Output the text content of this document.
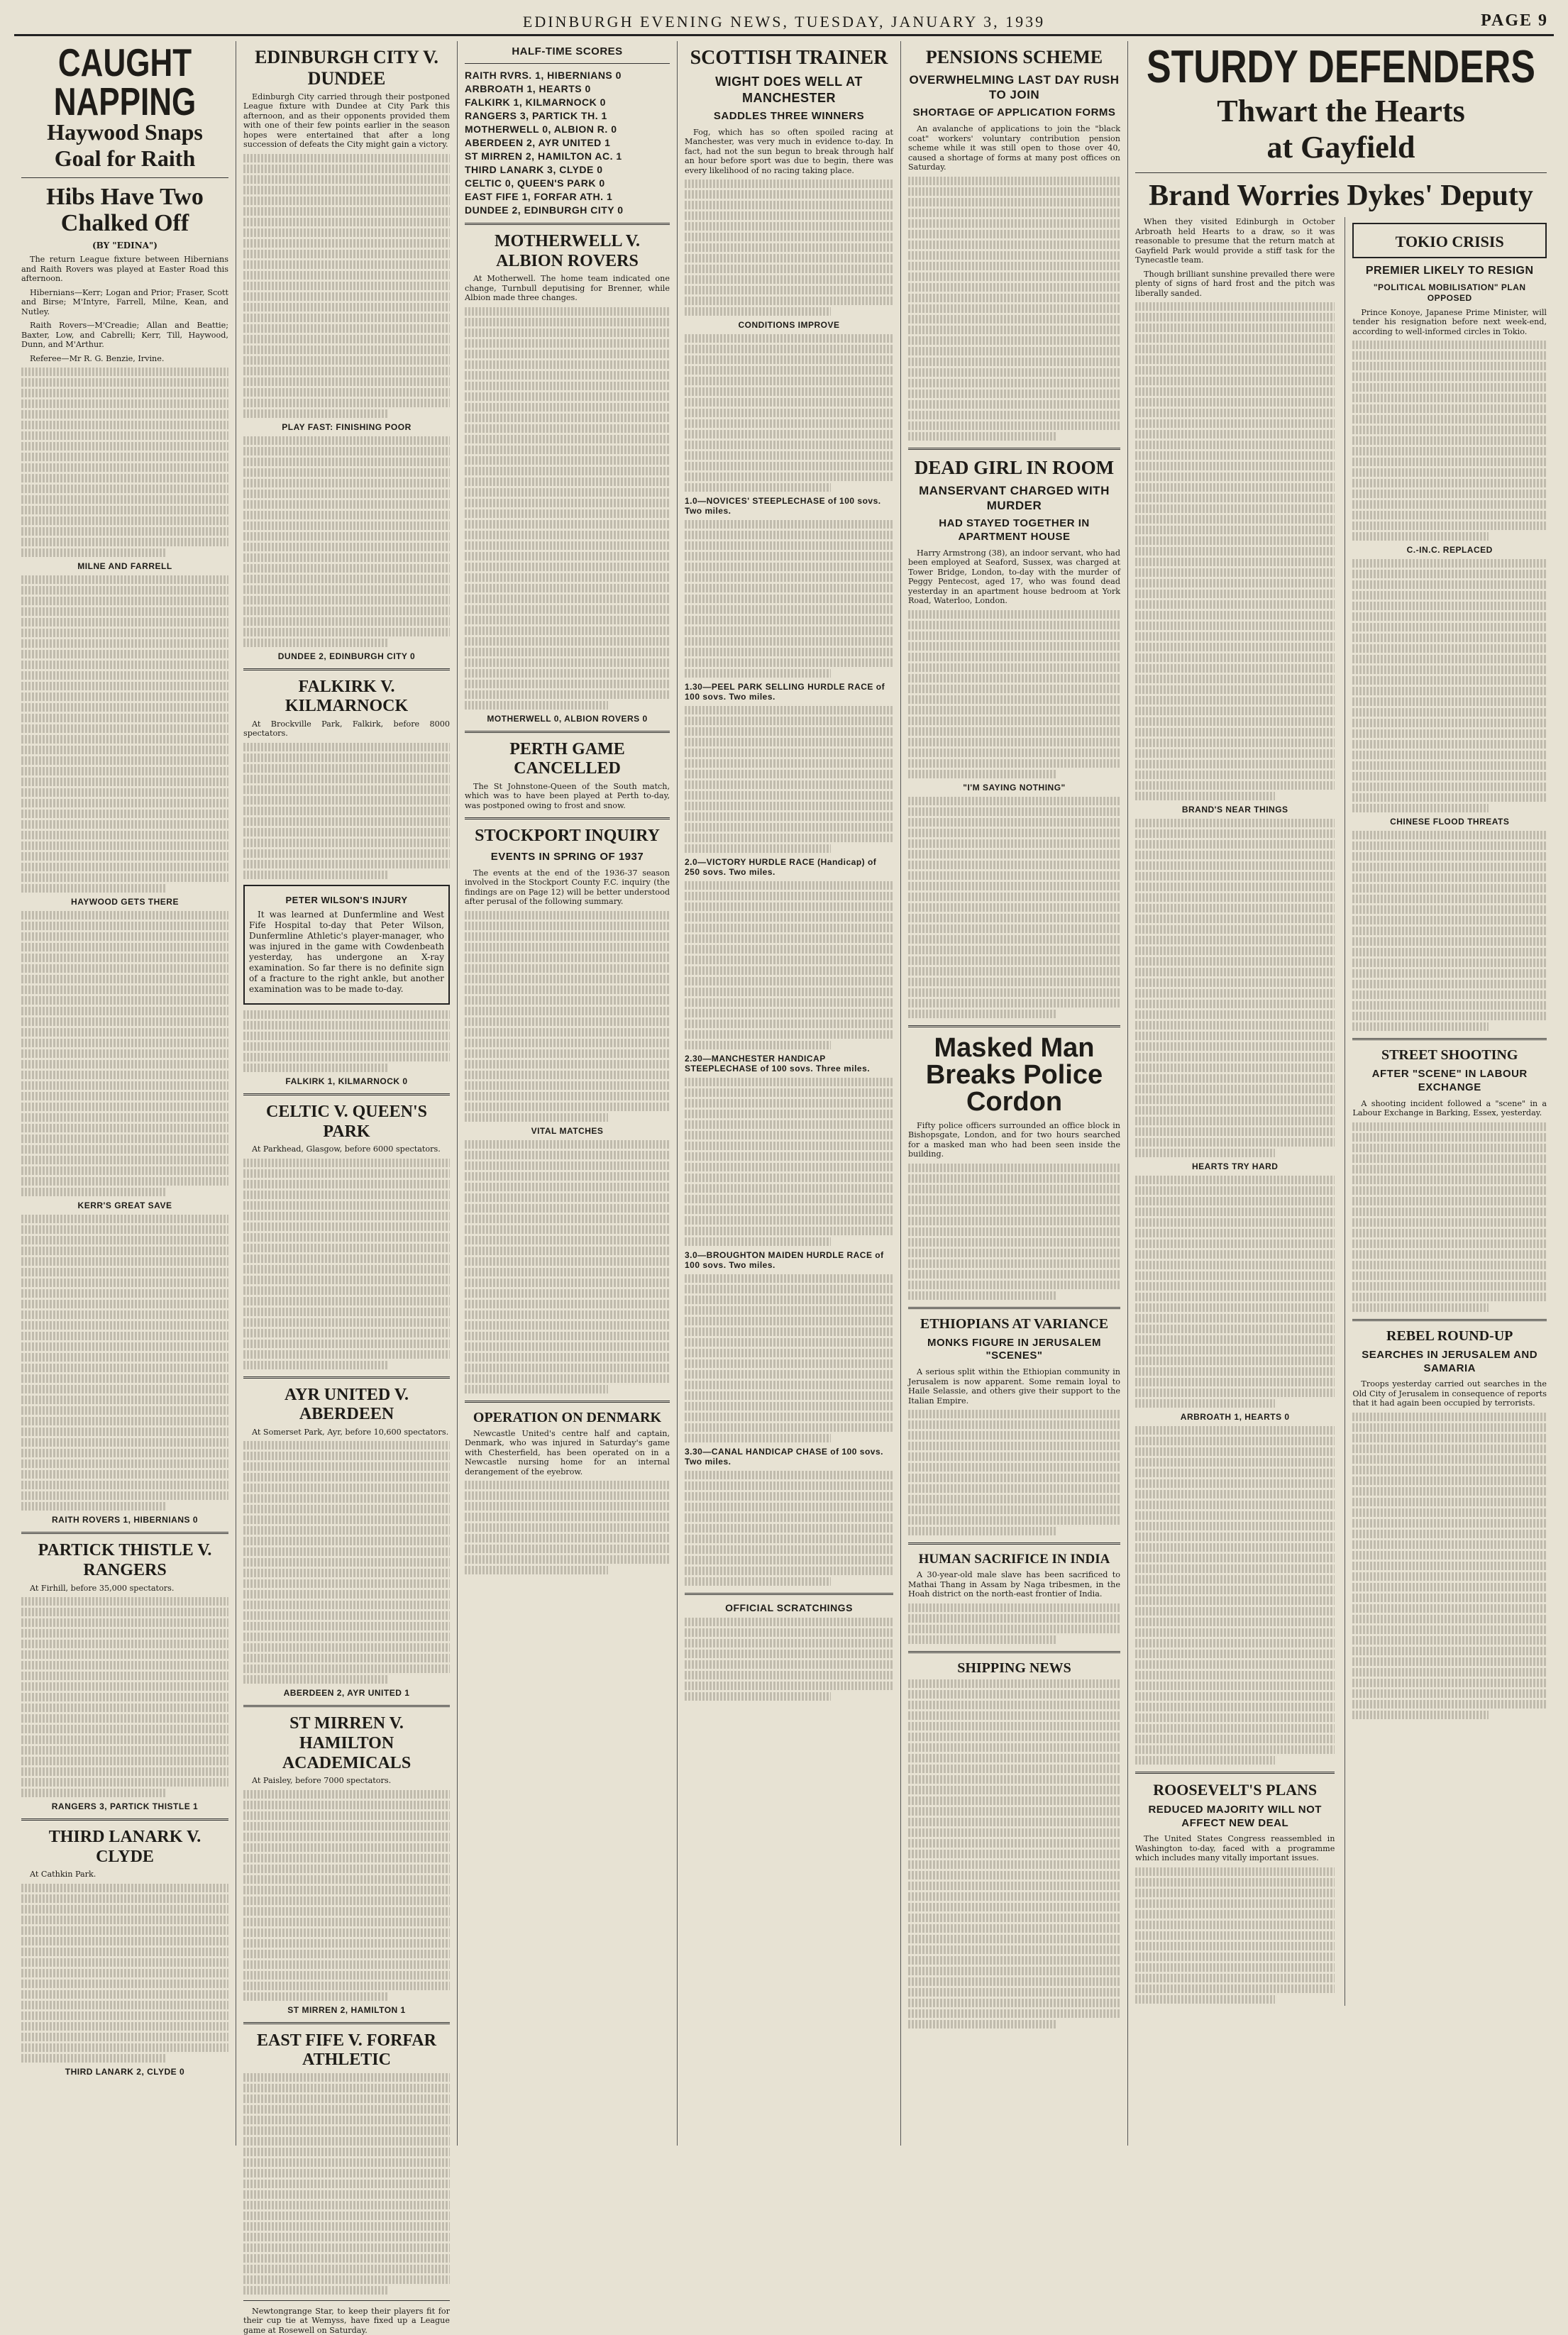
EDINBURGH EVENING NEWS, TUESDAY, JANUARY 3, 1939	PAGE 9
CAUGHT NAPPING
Haywood Snaps Goal for Raith
Hibs Have Two Chalked Off
(BY "EDINA")

The return League fixture between Hibernians and Raith Rovers was played at Easter Road this afternoon.

Hibernians—Kerr; Logan and Prior; Fraser, Scott and Birse; M'Intyre, Farrell, Milne, Kean, and Nutley.

Raith Rovers—M'Creadie; Allan and Beattie; Baxter, Low, and Cabrelli; Kerr, Till, Haywood, Dunn, and M'Arthur.

Referee—Mr R. G. Benzie, Irvine.

MILNE AND FARRELL
HAYWOOD GETS THERE
KERR'S GREAT SAVE
RAITH ROVERS 1, HIBERNIANS 0
PARTICK THISTLE V. RANGERS

At Firhill, before 35,000 spectators.

RANGERS 3, PARTICK THISTLE 1
THIRD LANARK V. CLYDE

At Cathkin Park.

THIRD LANARK 2, CLYDE 0
EDINBURGH CITY V. DUNDEE

Edinburgh City carried through their postponed League fixture with Dundee at City Park this afternoon, and as their opponents provided them with one of their few points earlier in the season hopes were entertained that after a long succession of defeats the City might gain a victory.

PLAY FAST: FINISHING POOR
DUNDEE 2, EDINBURGH CITY 0
FALKIRK V. KILMARNOCK

At Brockville Park, Falkirk, before 8000 spectators.

PETER WILSON'S INJURY

It was learned at Dunfermline and West Fife Hospital to-day that Peter Wilson, Dunfermline Athletic's player-manager, who was injured in the game with Cowdenbeath yesterday, has undergone an X-ray examination. So far there is no definite sign of a fracture to the right ankle, but another examination was to be made to-day.

FALKIRK 1, KILMARNOCK 0
CELTIC V. QUEEN'S PARK

At Parkhead, Glasgow, before 6000 spectators.

AYR UNITED V. ABERDEEN

At Somerset Park, Ayr, before 10,600 spectators.

ABERDEEN 2, AYR UNITED 1
ST MIRREN V. HAMILTON ACADEMICALS

At Paisley, before 7000 spectators.

ST MIRREN 2, HAMILTON 1
EAST FIFE V. FORFAR ATHLETIC

Newtongrange Star, to keep their players fit for their cup tie at Wemyss, have fixed up a League game at Rosewell on Saturday.

HALF-TIME SCORES
RAITH RVRS. 1, HIBERNIANS 0
ARBROATH 1, HEARTS 0
FALKIRK 1, KILMARNOCK 0
RANGERS 3, PARTICK TH. 1
MOTHERWELL 0, ALBION R. 0
ABERDEEN 2, AYR UNITED 1
ST MIRREN 2, HAMILTON AC. 1
THIRD LANARK 3, CLYDE 0
CELTIC 0, QUEEN'S PARK 0
EAST FIFE 1, FORFAR ATH. 1
DUNDEE 2, EDINBURGH CITY 0
MOTHERWELL V. ALBION ROVERS

At Motherwell. The home team indicated one change, Turnbull deputising for Brenner, while Albion made three changes.

MOTHERWELL 0, ALBION ROVERS 0
PERTH GAME CANCELLED

The St Johnstone-Queen of the South match, which was to have been played at Perth to-day, was postponed owing to frost and snow.

STOCKPORT INQUIRY
EVENTS IN SPRING OF 1937

The events at the end of the 1936-37 season involved in the Stockport County F.C. inquiry (the findings are on Page 12) will be better understood after perusal of the following summary.

VITAL MATCHES
OPERATION ON DENMARK

Newcastle United's centre half and captain, Denmark, who was injured in Saturday's game with Chesterfield, has been operated on in a Newcastle nursing home for an internal derangement of the eyebrow.

SCOTTISH TRAINER
WIGHT DOES WELL AT MANCHESTER
SADDLES THREE WINNERS

Fog, which has so often spoiled racing at Manchester, was very much in evidence to-day. In fact, had not the sun begun to break through half an hour before sport was due to begin, there was every likelihood of no racing taking place.

CONDITIONS IMPROVE
1.0—NOVICES' STEEPLECHASE of 100 sovs. Two miles.
1.30—PEEL PARK SELLING HURDLE RACE of 100 sovs. Two miles.
2.0—VICTORY HURDLE RACE (Handicap) of 250 sovs. Two miles.
2.30—MANCHESTER HANDICAP STEEPLECHASE of 100 sovs. Three miles.
3.0—BROUGHTON MAIDEN HURDLE RACE of 100 sovs. Two miles.
3.30—CANAL HANDICAP CHASE of 100 sovs. Two miles.
OFFICIAL SCRATCHINGS
PENSIONS SCHEME
OVERWHELMING LAST DAY RUSH TO JOIN
SHORTAGE OF APPLICATION FORMS

An avalanche of applications to join the "black coat" workers' voluntary contribution pension scheme while it was still open to those over 40, caused a shortage of forms at many post offices on Saturday.

DEAD GIRL IN ROOM
MANSERVANT CHARGED WITH MURDER
HAD STAYED TOGETHER IN APARTMENT HOUSE

Harry Armstrong (38), an indoor servant, who had been employed at Seaford, Sussex, was charged at Tower Bridge, London, to-day with the murder of Peggy Pentecost, aged 17, who was found dead yesterday in an apartment house bedroom at York Road, Waterloo, London.

"I'M SAYING NOTHING"
Masked Man Breaks Police Cordon

Fifty police officers surrounded an office block in Bishopsgate, London, and for two hours searched for a masked man who had been seen inside the building.

ETHIOPIANS AT VARIANCE
MONKS FIGURE IN JERUSALEM "SCENES"

A serious split within the Ethiopian community in Jerusalem is now apparent. Some remain loyal to Haile Selassie, and others give their support to the Italian Empire.

HUMAN SACRIFICE IN INDIA

A 30-year-old male slave has been sacrificed to Mathai Thang in Assam by Naga tribesmen, in the Hoah district on the north-east frontier of India.

SHIPPING NEWS
STURDY DEFENDERS
Thwart the Hearts at Gayfield
Brand Worries Dykes' Deputy

When they visited Edinburgh in October Arbroath held Hearts to a draw, so it was reasonable to presume that the return match at Gayfield Park would provide a stiff task for the Tynecastle team.

Though brilliant sunshine prevailed there were plenty of signs of hard frost and the pitch was liberally sanded.

BRAND'S NEAR THINGS
HEARTS TRY HARD
ARBROATH 1, HEARTS 0
ROOSEVELT'S PLANS
REDUCED MAJORITY WILL NOT AFFECT NEW DEAL

The United States Congress reassembled in Washington to-day, faced with a programme which includes many vitally important issues.

TOKIO CRISIS
PREMIER LIKELY TO RESIGN
"POLITICAL MOBILISATION" PLAN OPPOSED

Prince Konoye, Japanese Prime Minister, will tender his resignation before next week-end, according to well-informed circles in Tokio.

C.-IN.C. REPLACED
CHINESE FLOOD THREATS
STREET SHOOTING
AFTER "SCENE" IN LABOUR EXCHANGE

A shooting incident followed a "scene" in a Labour Exchange in Barking, Essex, yesterday.

REBEL ROUND-UP
SEARCHES IN JERUSALEM AND SAMARIA

Troops yesterday carried out searches in the Old City of Jerusalem in consequence of reports that it had again been occupied by terrorists.
